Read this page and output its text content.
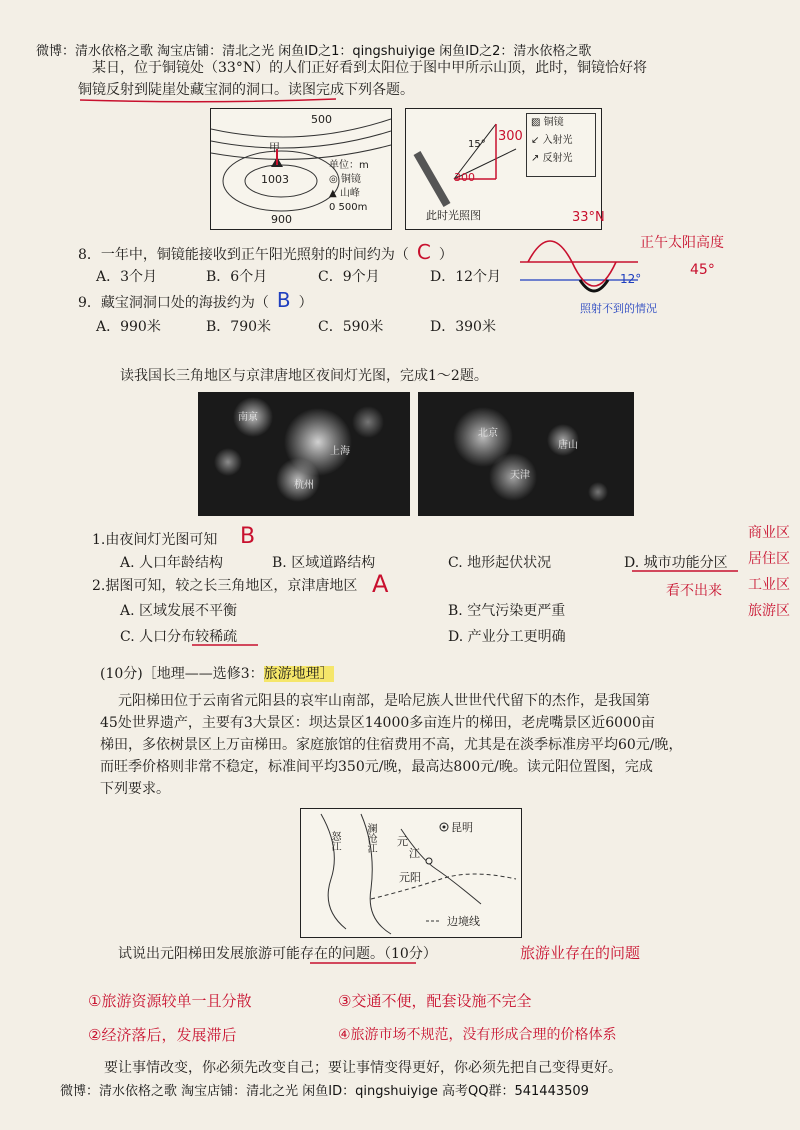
微博：清水依格之歌 淘宝店铺：清北之光 闲鱼ID之1：qingshuiyige 闲鱼ID之2：清水依格之歌
某日，位于铜镜处（33°N）的人们正好看到太阳位于图中甲所示山顶，此时，铜镜恰好将
铜镜反射到陡崖处藏宝洞的洞口。读图完成下列各题。
500
甲
1003
900
单位：m
◎ 铜镜
▲ 山峰
0 500m
300
300
15°
此时光照图
▨ 铜镜
↙ 入射光
↗ 反射光
8．一年中，铜镜能接收到正午阳光照射的时间约为（ C ）
A．3个月	B．6个月	C．9个月	D．12个月
9．藏宝洞洞口处的海拔约为（ B ）
A．990米	B．790米	C．590米	D．390米
33°N
12°
照射不到的情况
正午太阳高度
45°
读我国长三角地区与京津唐地区夜间灯光图，完成1～2题。
南京
上海
杭州
北京
唐山
天津
1.由夜间灯光图可知 B
A. 人口年龄结构	B. 区域道路结构	C. 地形起伏状况	D. 城市功能分区
2.据图可知，较之长三角地区，京津唐地区 A
A. 区域发展不平衡	B. 空气污染更严重
C. 人口分布较稀疏	D. 产业分工更明确
商业区
居住区
工业区
旅游区
看不出来
(10分)［地理——选修3：旅游地理］
元阳梯田位于云南省元阳县的哀牢山南部，是哈尼族人世世代代留下的杰作，是我国第
45处世界遗产，主要有3大景区：坝达景区14000多亩连片的梯田，老虎嘴景区近6000亩
梯田，多依树景区上万亩梯田。家庭旅馆的住宿费用不高，尤其是在淡季标准房平均60元/晚，
而旺季价格则非常不稳定，标准间平均350元/晚，最高达800元/晚。读元阳位置图，完成
下列要求。
昆明
元
江
元阳
怒江	澜沧江
边境线
试说出元阳梯田发展旅游可能存在的问题。（10分）	旅游业存在的问题
①旅游资源较单一且分散	③交通不便，配套设施不完全
②经济落后，发展滞后	④旅游市场不规范，没有形成合理的价格体系
要让事情改变，你必须先改变自己；要让事情变得更好，你必须先把自己变得更好。
微博：清水依格之歌 淘宝店铺：清北之光 闲鱼ID：qingshuiyige 高考QQ群：541443509
